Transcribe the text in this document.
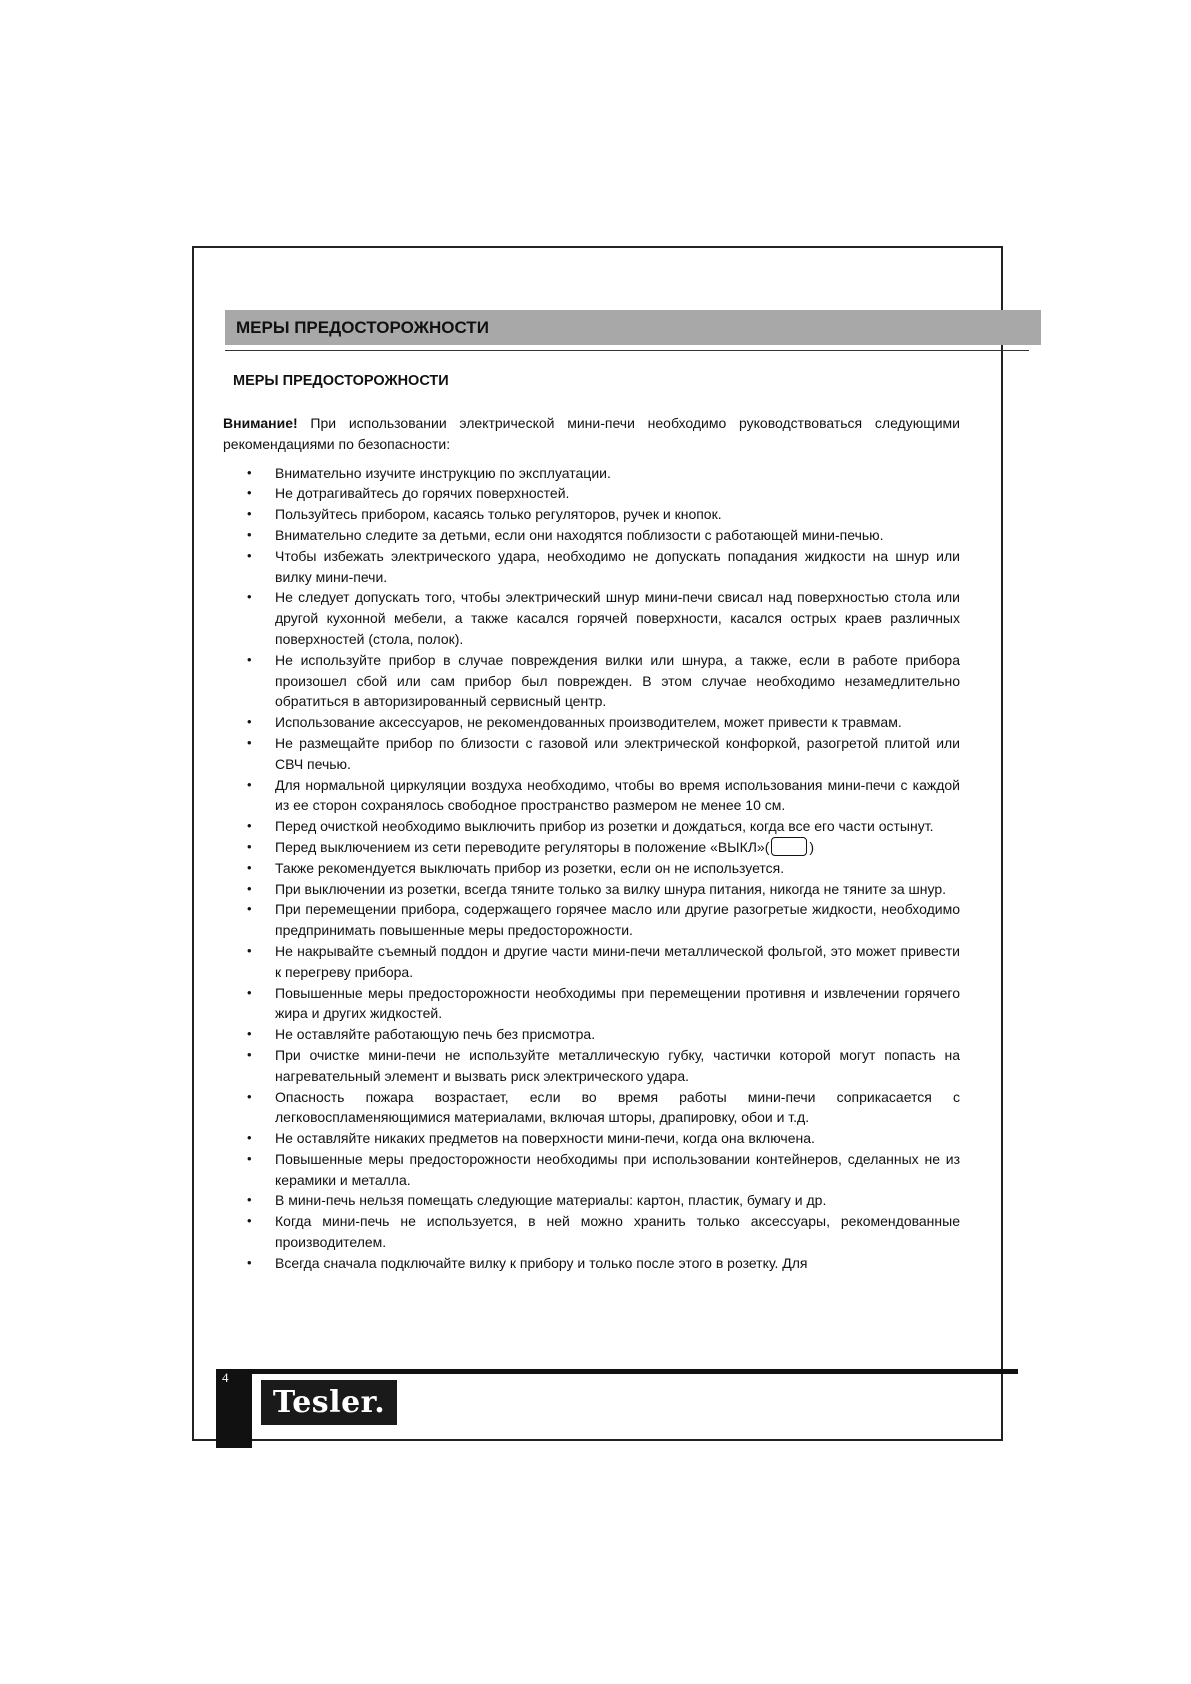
МЕРЫ ПРЕДОСТОРОЖНОСТИ
МЕРЫ ПРЕДОСТОРОЖНОСТИ

Внимание! При использовании электрической мини-печи необходимо руководствоваться следующими рекомендациями по безопасности:

• Внимательно изучите инструкцию по эксплуатации.
• Не дотрагивайтесь до горячих поверхностей.
• Пользуйтесь прибором, касаясь только регуляторов, ручек и кнопок.
• Внимательно следите за детьми, если они находятся поблизости с работающей мини-печью.
• Чтобы избежать электрического удара, необходимо не допускать попадания жидкости на шнур или вилку мини-печи.
• Не следует допускать того, чтобы электрический шнур мини-печи свисал над поверхностью стола или другой кухонной мебели, а также касался горячей поверхности, касался острых краев различных поверхностей (стола, полок).
• Не используйте прибор в случае повреждения вилки или шнура, а также, если в работе прибора произошел сбой или сам прибор был поврежден. В этом случае необходимо незамедлительно обратиться в авторизированный сервисный центр.
• Использование аксессуаров, не рекомендованных производителем, может привести к травмам.
• Не размещайте прибор по близости с газовой или электрической конфоркой, разогретой плитой или СВЧ печью.
• Для нормальной циркуляции воздуха необходимо, чтобы во время использования мини-печи с каждой из ее сторон сохранялось свободное пространство размером не менее 10 см.
• Перед очисткой необходимо выключить прибор из розетки и дождаться, когда все его части остынут.
• Перед выключением из сети переводите регуляторы в положение «ВЫКЛ»(	)
• Также рекомендуется выключать прибор из розетки, если он не используется.
• При выключении из розетки, всегда тяните только за вилку шнура питания, никогда не тяните за шнур.
• При перемещении прибора, содержащего горячее масло или другие разогретые жидкости, необходимо предпринимать повышенные меры предосторожности.
• Не накрывайте съемный поддон и другие части мини-печи металлической фольгой, это может привести к перегреву прибора.
• Повышенные меры предосторожности необходимы при перемещении противня и извлечении горячего жира и других жидкостей.
• Не оставляйте работающую печь без присмотра.
• При очистке мини-печи не используйте металлическую губку, частички которой могут попасть на нагревательный элемент и вызвать риск электрического удара.
• Опасность пожара возрастает, если во время работы мини-печи соприкасается с легковоспламеняющимися материалами, включая шторы, драпировку, обои и т.д.
• Не оставляйте никаких предметов на поверхности мини-печи, когда она включена.
• Повышенные меры предосторожности необходимы при использовании контейнеров, сделанных не из керамики и металла.
• В мини-печь нельзя помещать следующие материалы: картон, пластик, бумагу и др.
• Когда мини-печь не используется, в ней можно хранить только аксессуары, рекомендованные производителем.
• Всегда сначала подключайте вилку к прибору и только после этого в розетку. Для
4
Tesler.
